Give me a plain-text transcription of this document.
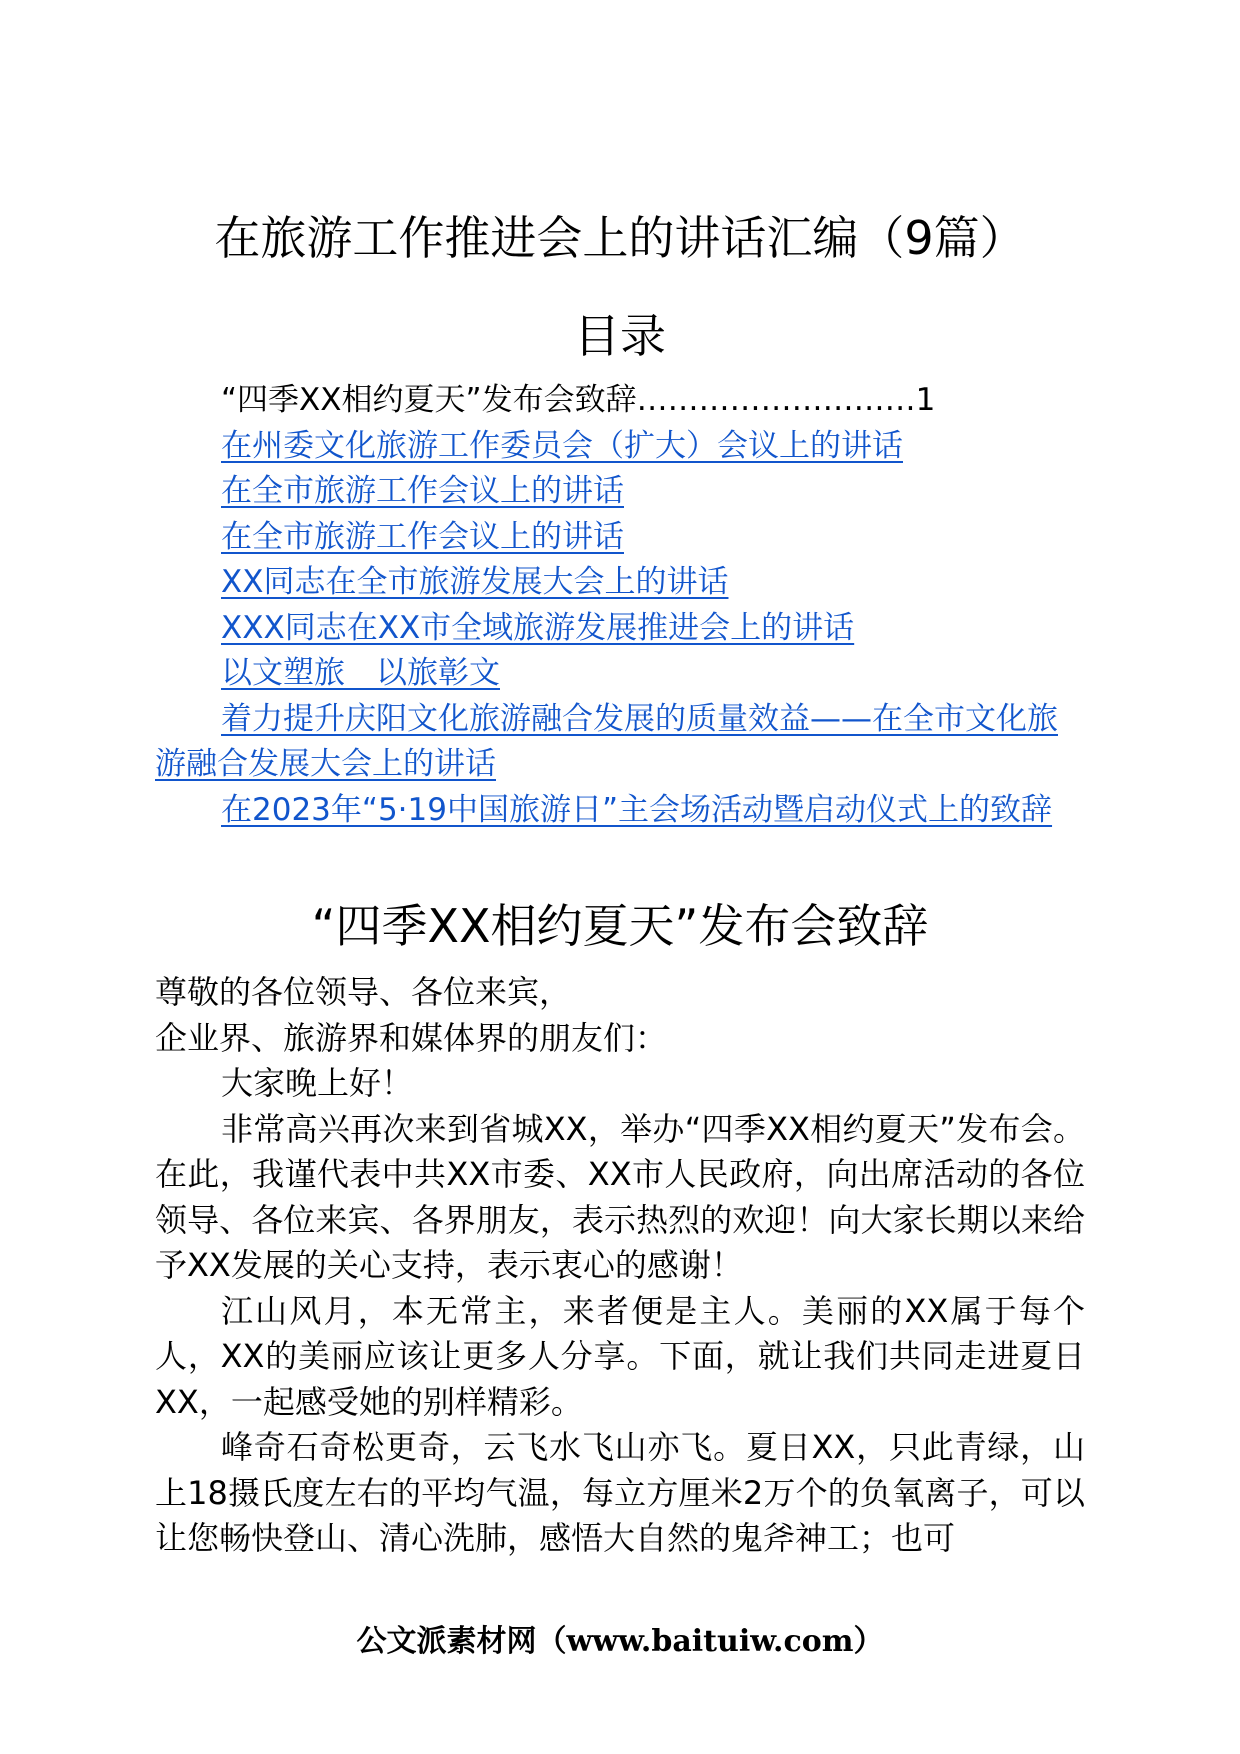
在旅游工作推进会上的讲话汇编（9篇）
目录

“四季XX相约夏天”发布会致辞………………………1

在州委文化旅游工作委员会（扩大）会议上的讲话

在全市旅游工作会议上的讲话

在全市旅游工作会议上的讲话

XX同志在全市旅游发展大会上的讲话

XXX同志在XX市全域旅游发展推进会上的讲话

以文塑旅　以旅彰文

着力提升庆阳文化旅游融合发展的质量效益——在全市文化旅游融合发展大会上的讲话

在2023年“5·19中国旅游日”主会场活动暨启动仪式上的致辞

“四季XX相约夏天”发布会致辞

尊敬的各位领导、各位来宾，

企业界、旅游界和媒体界的朋友们：

大家晚上好！

非常高兴再次来到省城XX，举办“四季XX相约夏天”发布会。在此，我谨代表中共XX市委、XX市人民政府，向出席活动的各位领导、各位来宾、各界朋友，表示热烈的欢迎！向大家长期以来给予XX发展的关心支持，表示衷心的感谢！

江山风月，本无常主，来者便是主人。美丽的XX属于每个人，XX的美丽应该让更多人分享。下面，就让我们共同走进夏日XX，一起感受她的别样精彩。

峰奇石奇松更奇，云飞水飞山亦飞。夏日XX，只此青绿，山上18摄氏度左右的平均气温，每立方厘米2万个的负氧离子，可以让您畅快登山、清心洗肺，感悟大自然的鬼斧神工；也可

公文派素材网（www.baituiw.com）
